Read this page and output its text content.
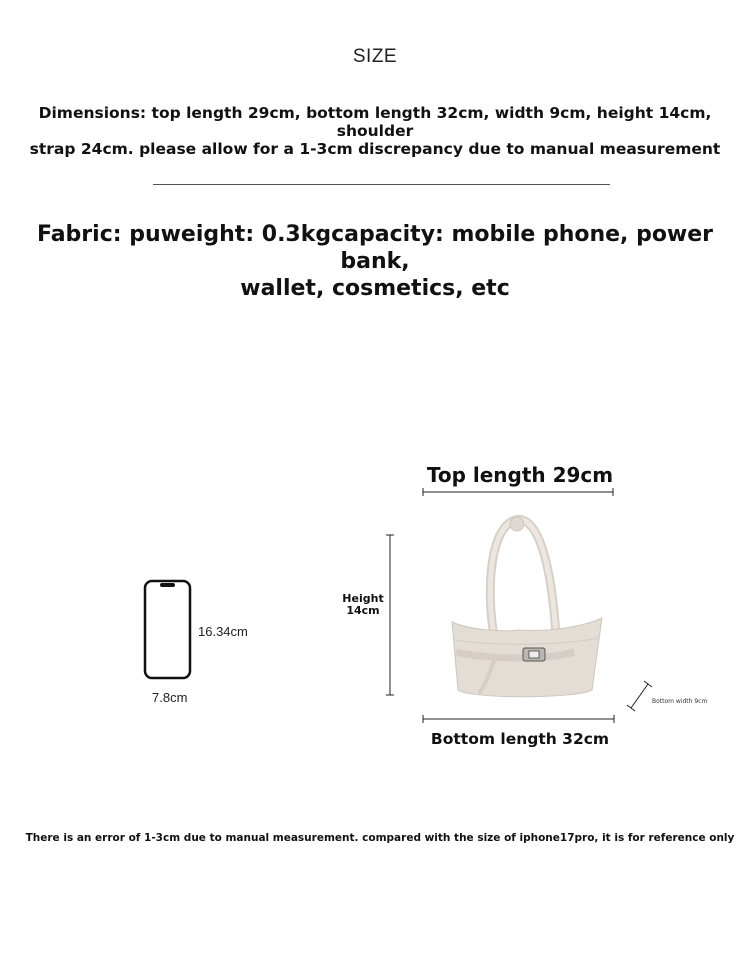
SIZE
Dimensions: top length 29cm, bottom length 32cm, width 9cm, height 14cm, shoulder
strap 24cm. please allow for a 1-3cm discrepancy due to manual measurement
Fabric: puweight: 0.3kgcapacity: mobile phone, power bank,
wallet, cosmetics, etc
Top length 29cm
Height
14cm
Bottom width 9cm
Bottom length 32cm
16.34cm
7.8cm
There is an error of 1-3cm due to manual measurement. compared with the size of iphone17pro, it is for reference only
